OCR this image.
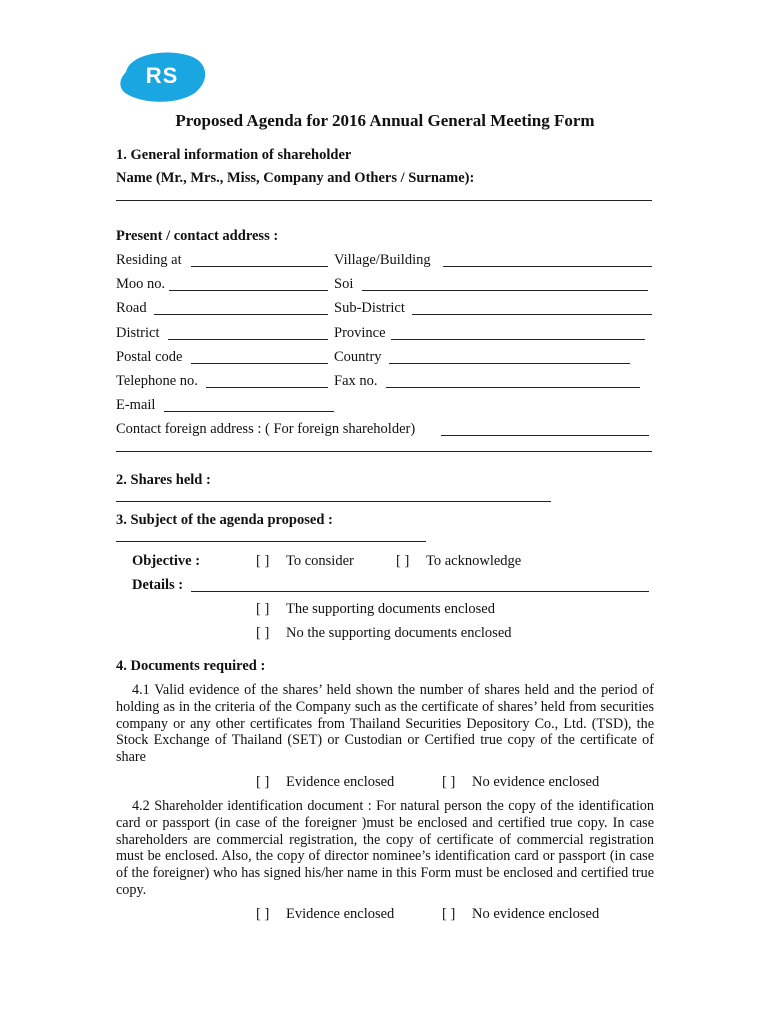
RS
Proposed Agenda for 2016 Annual General Meeting Form
1. General information of shareholder
Name (Mr., Mrs., Miss, Company and Others / Surname):
Present / contact address :
Residing at	Village/Building
Moo no.	Soi
Road	Sub-District
District	Province
Postal code	Country
Telephone no.	Fax no.
E-mail
Contact foreign address : ( For foreign shareholder)
2. Shares held :
3. Subject of the agenda proposed :
Objective :	[ ] To consider	[ ] To acknowledge
Details :
[ ] The supporting documents enclosed
[ ] No the supporting documents enclosed
4. Documents required :
4.1 Valid evidence of the shares’ held shown the number of shares held and the period of holding as in the criteria of the Company such as the certificate of shares’ held from securities company or any other certificates from Thailand Securities Depository Co., Ltd. (TSD), the Stock Exchange of Thailand (SET) or Custodian or Certified true copy of the certificate of share
[ ] Evidence enclosed	[ ] No evidence enclosed
4.2 Shareholder identification document : For natural person the copy of the identification card or passport (in case of the foreigner )must be enclosed and certified true copy. In case shareholders are commercial registration, the copy of certificate of commercial registration must be enclosed. Also, the copy of director nominee’s identification card or passport (in case of the foreigner) who has signed his/her name in this Form must be enclosed and certified true copy.
[ ] Evidence enclosed	[ ] No evidence enclosed
